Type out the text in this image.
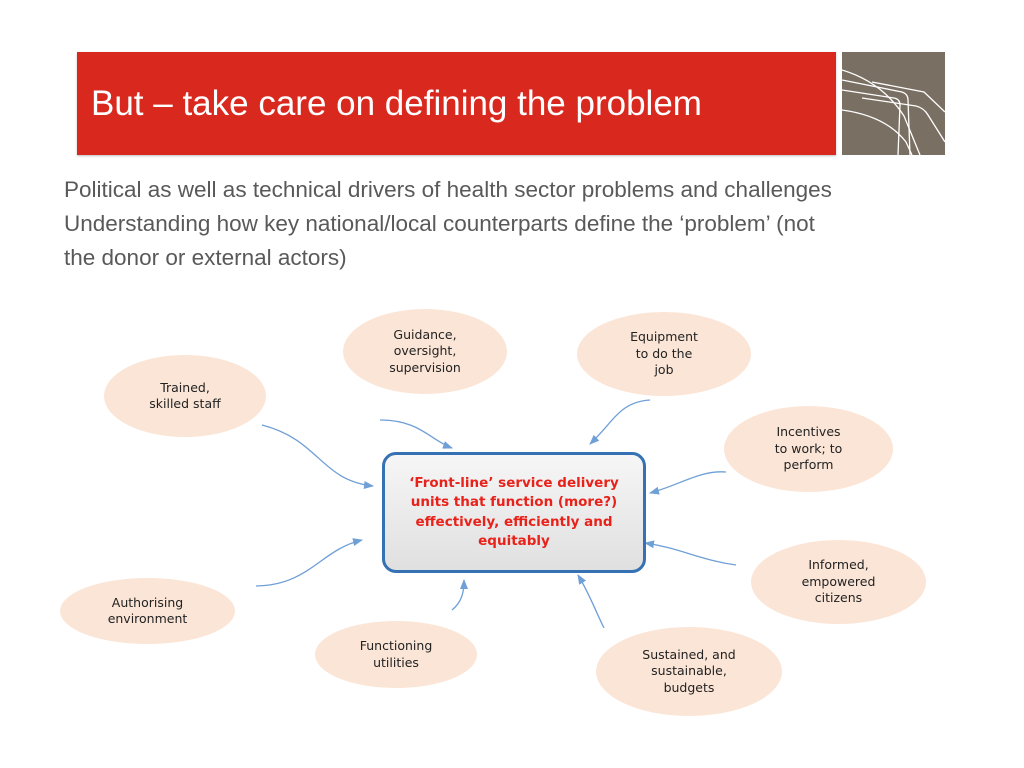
But – take care on defining the problem
Political as well as technical drivers of health sector problems and challenges
Understanding how key national/local counterparts define the ‘problem’ (not
the donor or external actors)
Guidance,
oversight,
supervision
Equipment
to do the
job
Trained,
skilled staff
Incentives
to work; to
perform
Informed,
empowered
citizens
Authorising
environment
Functioning
utilities
Sustained, and
sustainable,
budgets
‘Front-line’ service delivery
units that function (more?)
effectively, efficiently and
equitably
